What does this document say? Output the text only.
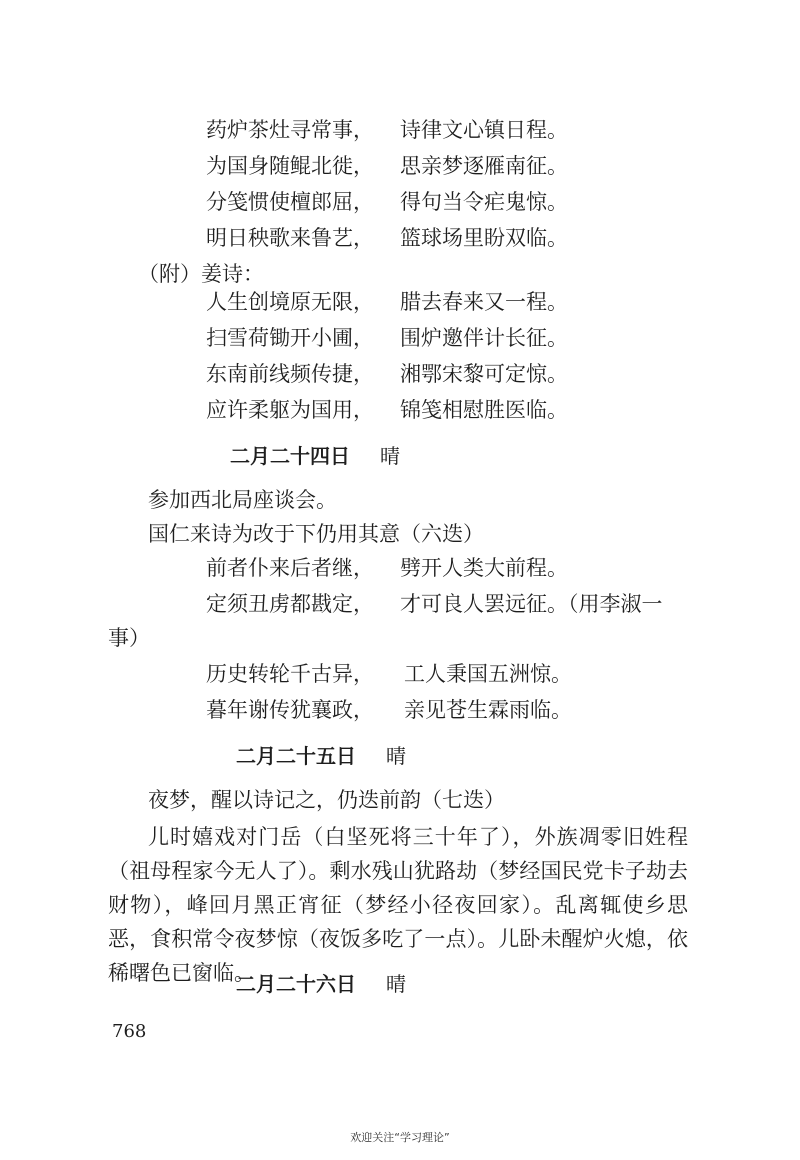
药炉茶灶寻常事， 诗律文心镇日程。
为国身随鲲北徙， 思亲梦逐雁南征。
分笺惯使檀郎屈， 得句当令疟鬼惊。
明日秧歌来鲁艺， 篮球场里盼双临。
（附）姜诗：
人生创境原无限， 腊去春来又一程。
扫雪荷锄开小圃， 围炉邀伴计长征。
东南前线频传捷， 湘鄂宋黎可定惊。
应许柔躯为国用， 锦笺相慰胜医临。
二月二十四日 晴
参加西北局座谈会。
国仁来诗为改于下仍用其意（六迭）
前者仆来后者继， 劈开人类大前程。
定须丑虏都戡定， 才可良人罢远征。（用李淑一
事）
历史转轮千古异， 工人秉国五洲惊。
暮年谢传犹襄政， 亲见苍生霖雨临。
二月二十五日 晴
夜梦，醒以诗记之，仍迭前韵（七迭）
儿时嬉戏对门岳（白坚死将三十年了），外族凋零旧姓程（祖母程家今无人了）。剩水残山犹路劫（梦经国民党卡子劫去财物），峰回月黑正宵征（梦经小径夜回家）。乱离辄使乡思恶，食积常令夜梦惊（夜饭多吃了一点）。儿卧未醒炉火熄，依稀曙色已窗临。
二月二十六日 晴
768
欢迎关注“学习理论”
